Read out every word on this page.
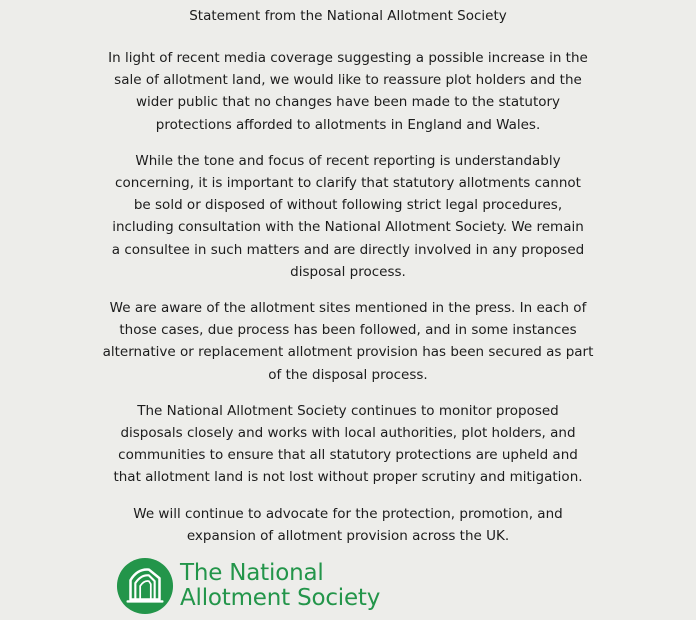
Statement from the National Allotment Society
In light of recent media coverage suggesting a possible increase in the
sale of allotment land, we would like to reassure plot holders and the
wider public that no changes have been made to the statutory
protections afforded to allotments in England and Wales.
While the tone and focus of recent reporting is understandably
concerning, it is important to clarify that statutory allotments cannot
be sold or disposed of without following strict legal procedures,
including consultation with the National Allotment Society. We remain
a consultee in such matters and are directly involved in any proposed
disposal process.
We are aware of the allotment sites mentioned in the press. In each of
those cases, due process has been followed, and in some instances
alternative or replacement allotment provision has been secured as part
of the disposal process.
The National Allotment Society continues to monitor proposed
disposals closely and works with local authorities, plot holders, and
communities to ensure that all statutory protections are upheld and
that allotment land is not lost without proper scrutiny and mitigation.
We will continue to advocate for the protection, promotion, and
expansion of allotment provision across the UK.
The National
Allotment Society
